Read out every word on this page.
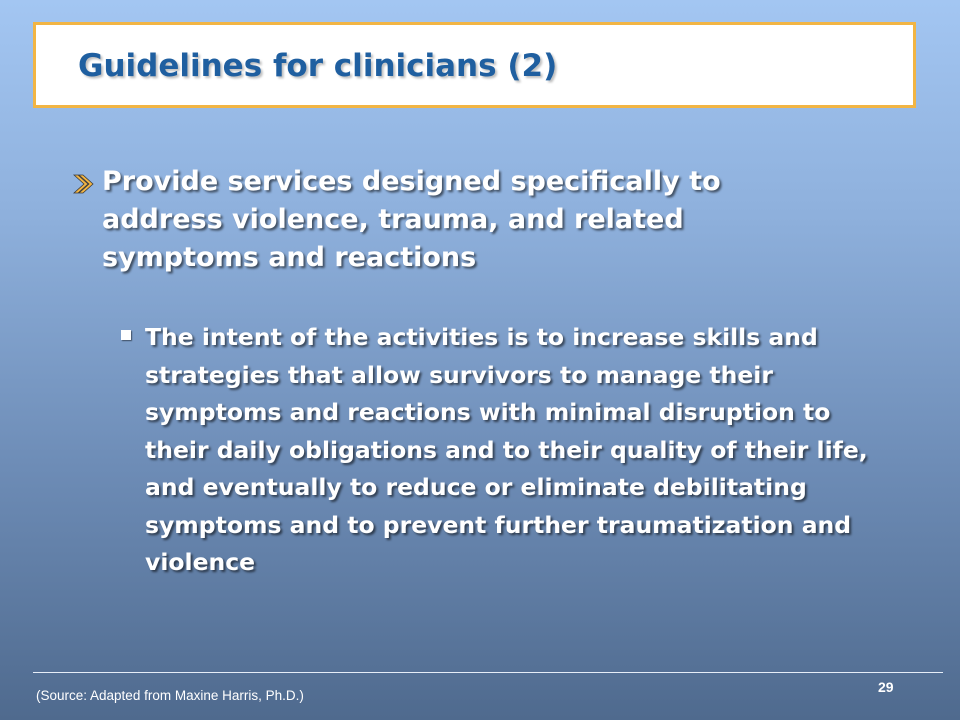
Guidelines for clinicians (2)
Provide services designed specifically to address violence, trauma, and related symptoms and reactions
The intent of the activities is to increase skills and strategies that allow survivors to manage their symptoms and reactions with minimal disruption to their daily obligations and to their quality of their life, and eventually to reduce or eliminate debilitating symptoms and to prevent further traumatization and violence
(Source: Adapted from Maxine Harris, Ph.D.)
29
